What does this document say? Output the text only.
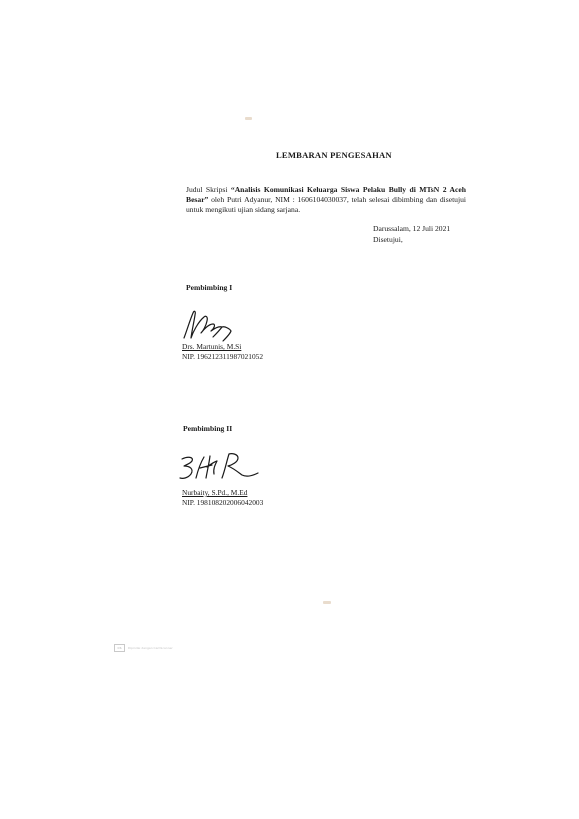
LEMBARAN PENGESAHAN
Judul Skripsi “Analisis Komunikasi Keluarga Siswa Pelaku Bully di MTsN 2 Aceh Besar” oleh Putri Adyanur, NIM : 1606104030037, telah selesai dibimbing dan disetujui untuk mengikuti ujian sidang sarjana.
Darussalam, 12 Juli 2021
Disetujui,
Pembimbing I
Drs. Martunis, M.Si
NIP. 196212311987021052
Pembimbing II
Nurbaity, S.Pd., M.Ed
NIP. 198108202006042003
CS	Dipindai dengan CamScanner
